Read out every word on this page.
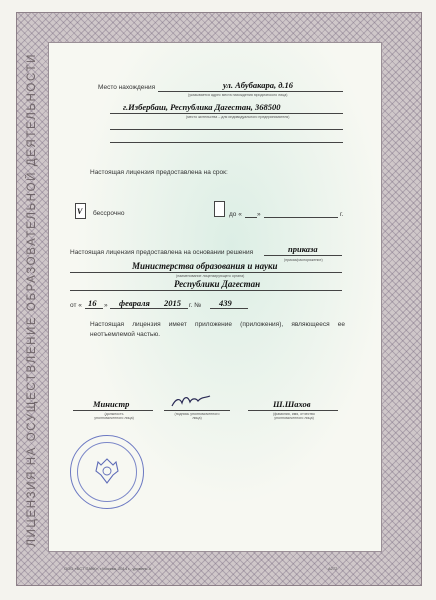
ЛИЦЕНЗИЯ НА ОСУЩЕСТВЛЕНИЕ ОБРАЗОВАТЕЛЬНОЙ ДЕЯТЕЛЬНОСТИ	Место нахождения	ул. Абубакара, д.16
(указывается адрес места нахождения юридического лица)
г.Избербаш, Республика Дагестан, 368500
(место жительства – для индивидуального предпринимателя)
Настоящая лицензия предоставлена на срок:
V бессрочно	до « »	г.
Настоящая лицензия предоставлена на основании решения	приказа
(приказ/распоряжение)
Министерства образования и науки
(наименование лицензирующего органа)
Республики Дагестан
от « 16 » февраля 2015 г. № 439
Настоящая лицензия имеет приложение (приложения), являющееся ее неотъемлемой частью.
Министр
(должность уполномоченного лица)
(подпись уполномоченного лица)
Ш.Шахов
(фамилия, имя, отчество уполномоченного лица)
ООО «БСТ ПАКК», г.Москва, 2014 г., уровень А	А272
